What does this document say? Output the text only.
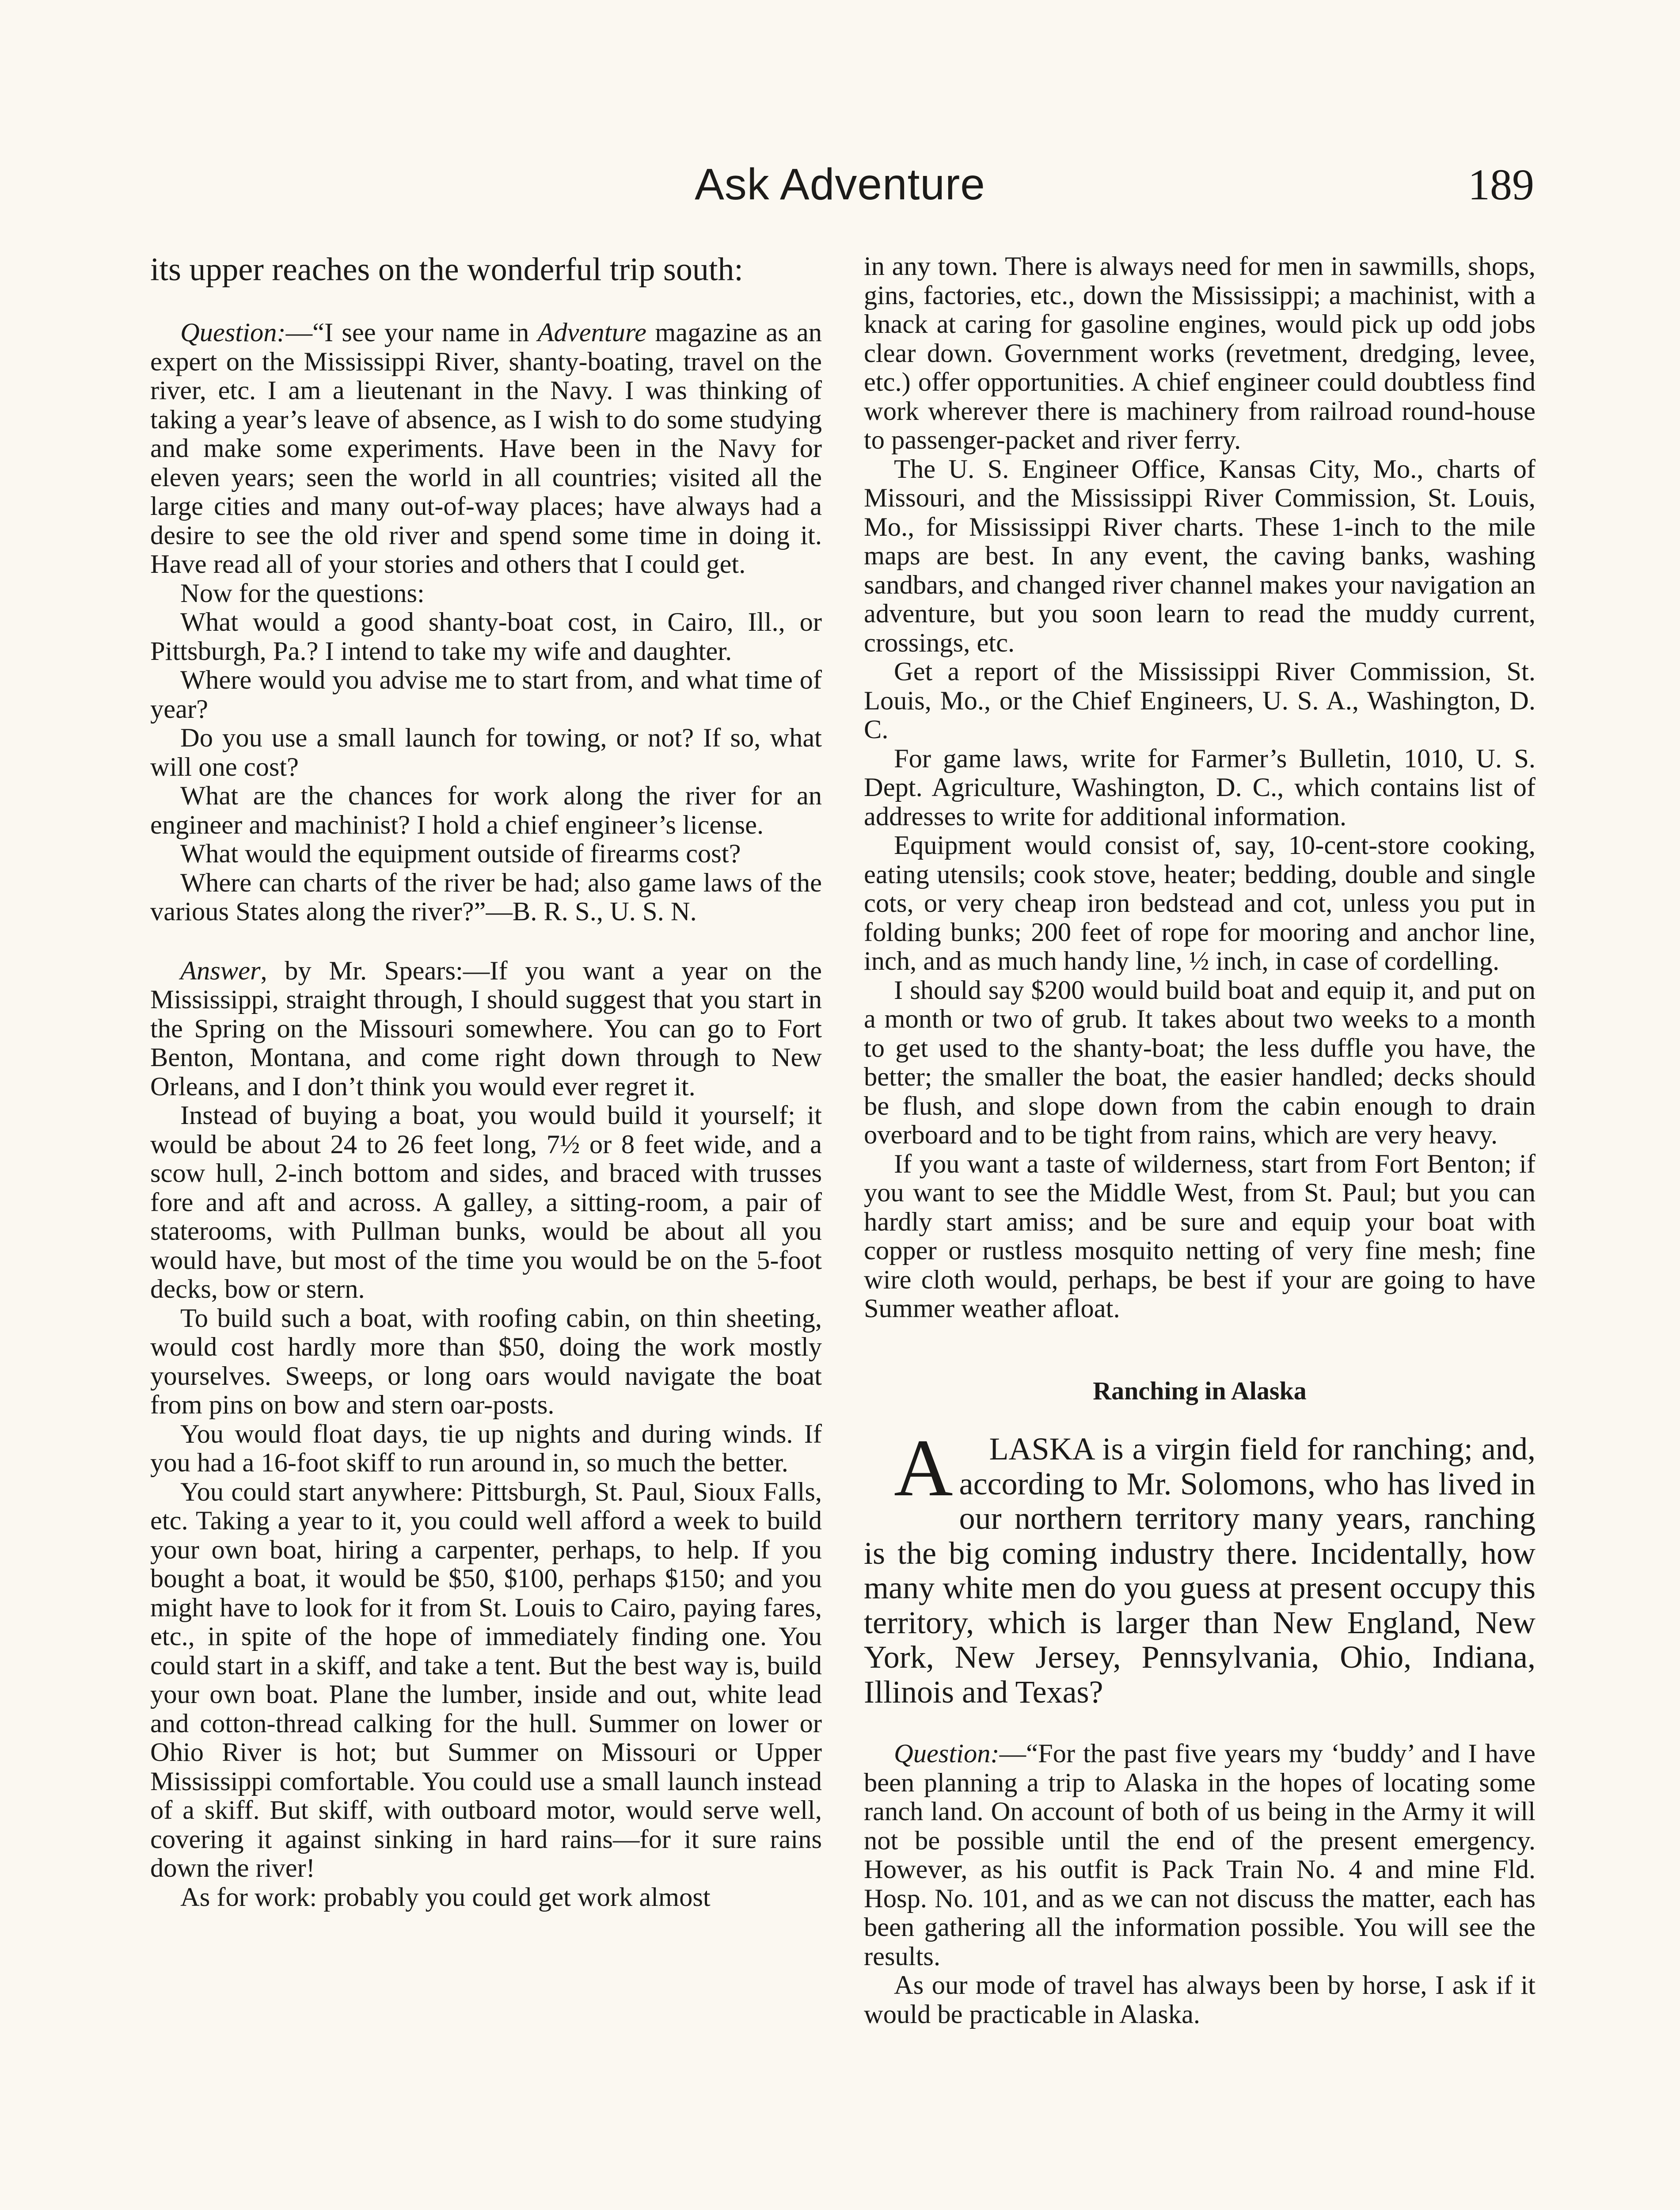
Ask Adventure	189

its upper reaches on the wonderful trip south:

Question:—“I see your name in Adventure magazine as an expert on the Mississippi River, shanty-boating, travel on the river, etc. I am a lieutenant in the Navy. I was thinking of taking a year’s leave of absence, as I wish to do some studying and make some experiments. Have been in the Navy for eleven years; seen the world in all countries; visited all the large cities and many out-of-way places; have always had a desire to see the old river and spend some time in doing it. Have read all of your stories and others that I could get.

Now for the questions:

What would a good shanty-boat cost, in Cairo, Ill., or Pittsburgh, Pa.? I intend to take my wife and daughter.

Where would you advise me to start from, and what time of year?

Do you use a small launch for towing, or not? If so, what will one cost?

What are the chances for work along the river for an engineer and machinist? I hold a chief engineer’s license.

What would the equipment outside of firearms cost?

Where can charts of the river be had; also game laws of the various States along the river?”—B. R. S., U. S. N.

Answer, by Mr. Spears:—If you want a year on the Mississippi, straight through, I should suggest that you start in the Spring on the Missouri somewhere. You can go to Fort Benton, Montana, and come right down through to New Orleans, and I don’t think you would ever regret it.

Instead of buying a boat, you would build it yourself; it would be about 24 to 26 feet long, 7½ or 8 feet wide, and a scow hull, 2-inch bottom and sides, and braced with trusses fore and aft and across. A galley, a sitting-room, a pair of staterooms, with Pullman bunks, would be about all you would have, but most of the time you would be on the 5-foot decks, bow or stern.

To build such a boat, with roofing cabin, on thin sheeting, would cost hardly more than $50, doing the work mostly yourselves. Sweeps, or long oars would navigate the boat from pins on bow and stern oar-posts.

You would float days, tie up nights and during winds. If you had a 16-foot skiff to run around in, so much the better.

You could start anywhere: Pittsburgh, St. Paul, Sioux Falls, etc. Taking a year to it, you could well afford a week to build your own boat, hiring a carpenter, perhaps, to help. If you bought a boat, it would be $50, $100, perhaps $150; and you might have to look for it from St. Louis to Cairo, paying fares, etc., in spite of the hope of immediately finding one. You could start in a skiff, and take a tent. But the best way is, build your own boat. Plane the lumber, inside and out, white lead and cotton-thread calking for the hull. Summer on lower or Ohio River is hot; but Summer on Missouri or Upper Mississippi comfortable. You could use a small launch instead of a skiff. But skiff, with outboard motor, would serve well, covering it against sinking in hard rains—for it sure rains down the river!

As for work: probably you could get work almost

in any town. There is always need for men in sawmills, shops, gins, factories, etc., down the Mississippi; a machinist, with a knack at caring for gasoline engines, would pick up odd jobs clear down. Government works (revetment, dredging, levee, etc.) offer opportunities. A chief engineer could doubtless find work wherever there is machinery from railroad round-house to passenger-packet and river ferry.

The U. S. Engineer Office, Kansas City, Mo., charts of Missouri, and the Mississippi River Commission, St. Louis, Mo., for Mississippi River charts. These 1-inch to the mile maps are best. In any event, the caving banks, washing sandbars, and changed river channel makes your navigation an adventure, but you soon learn to read the muddy current, crossings, etc.

Get a report of the Mississippi River Commission, St. Louis, Mo., or the Chief Engineers, U. S. A., Washington, D. C.

For game laws, write for Farmer’s Bulletin, 1010, U. S. Dept. Agriculture, Washington, D. C., which contains list of addresses to write for additional information.

Equipment would consist of, say, 10-cent-store cooking, eating utensils; cook stove, heater; bedding, double and single cots, or very cheap iron bedstead and cot, unless you put in folding bunks; 200 feet of rope for mooring and anchor line, inch, and as much handy line, ½ inch, in case of cordelling.

I should say $200 would build boat and equip it, and put on a month or two of grub. It takes about two weeks to a month to get used to the shanty-boat; the less duffle you have, the better; the smaller the boat, the easier handled; decks should be flush, and slope down from the cabin enough to drain overboard and to be tight from rains, which are very heavy.

If you want a taste of wilderness, start from Fort Benton; if you want to see the Middle West, from St. Paul; but you can hardly start amiss; and be sure and equip your boat with copper or rustless mosquito netting of very fine mesh; fine wire cloth would, perhaps, be best if your are going to have Summer weather afloat.

Ranching in Alaska

A LASKA is a virgin field for ranching; and, according to Mr. Solomons, who has lived in our northern territory many years, ranching is the big coming industry there. Incidentally, how many white men do you guess at present occupy this territory, which is larger than New England, New York, New Jersey, Pennsylvania, Ohio, Indiana, Illinois and Texas?

Question:—“For the past five years my ‘buddy’ and I have been planning a trip to Alaska in the hopes of locating some ranch land. On account of both of us being in the Army it will not be possible until the end of the present emergency. However, as his outfit is Pack Train No. 4 and mine Fld. Hosp. No. 101, and as we can not discuss the matter, each has been gathering all the information possible. You will see the results.

As our mode of travel has always been by horse, I ask if it would be practicable in Alaska.
